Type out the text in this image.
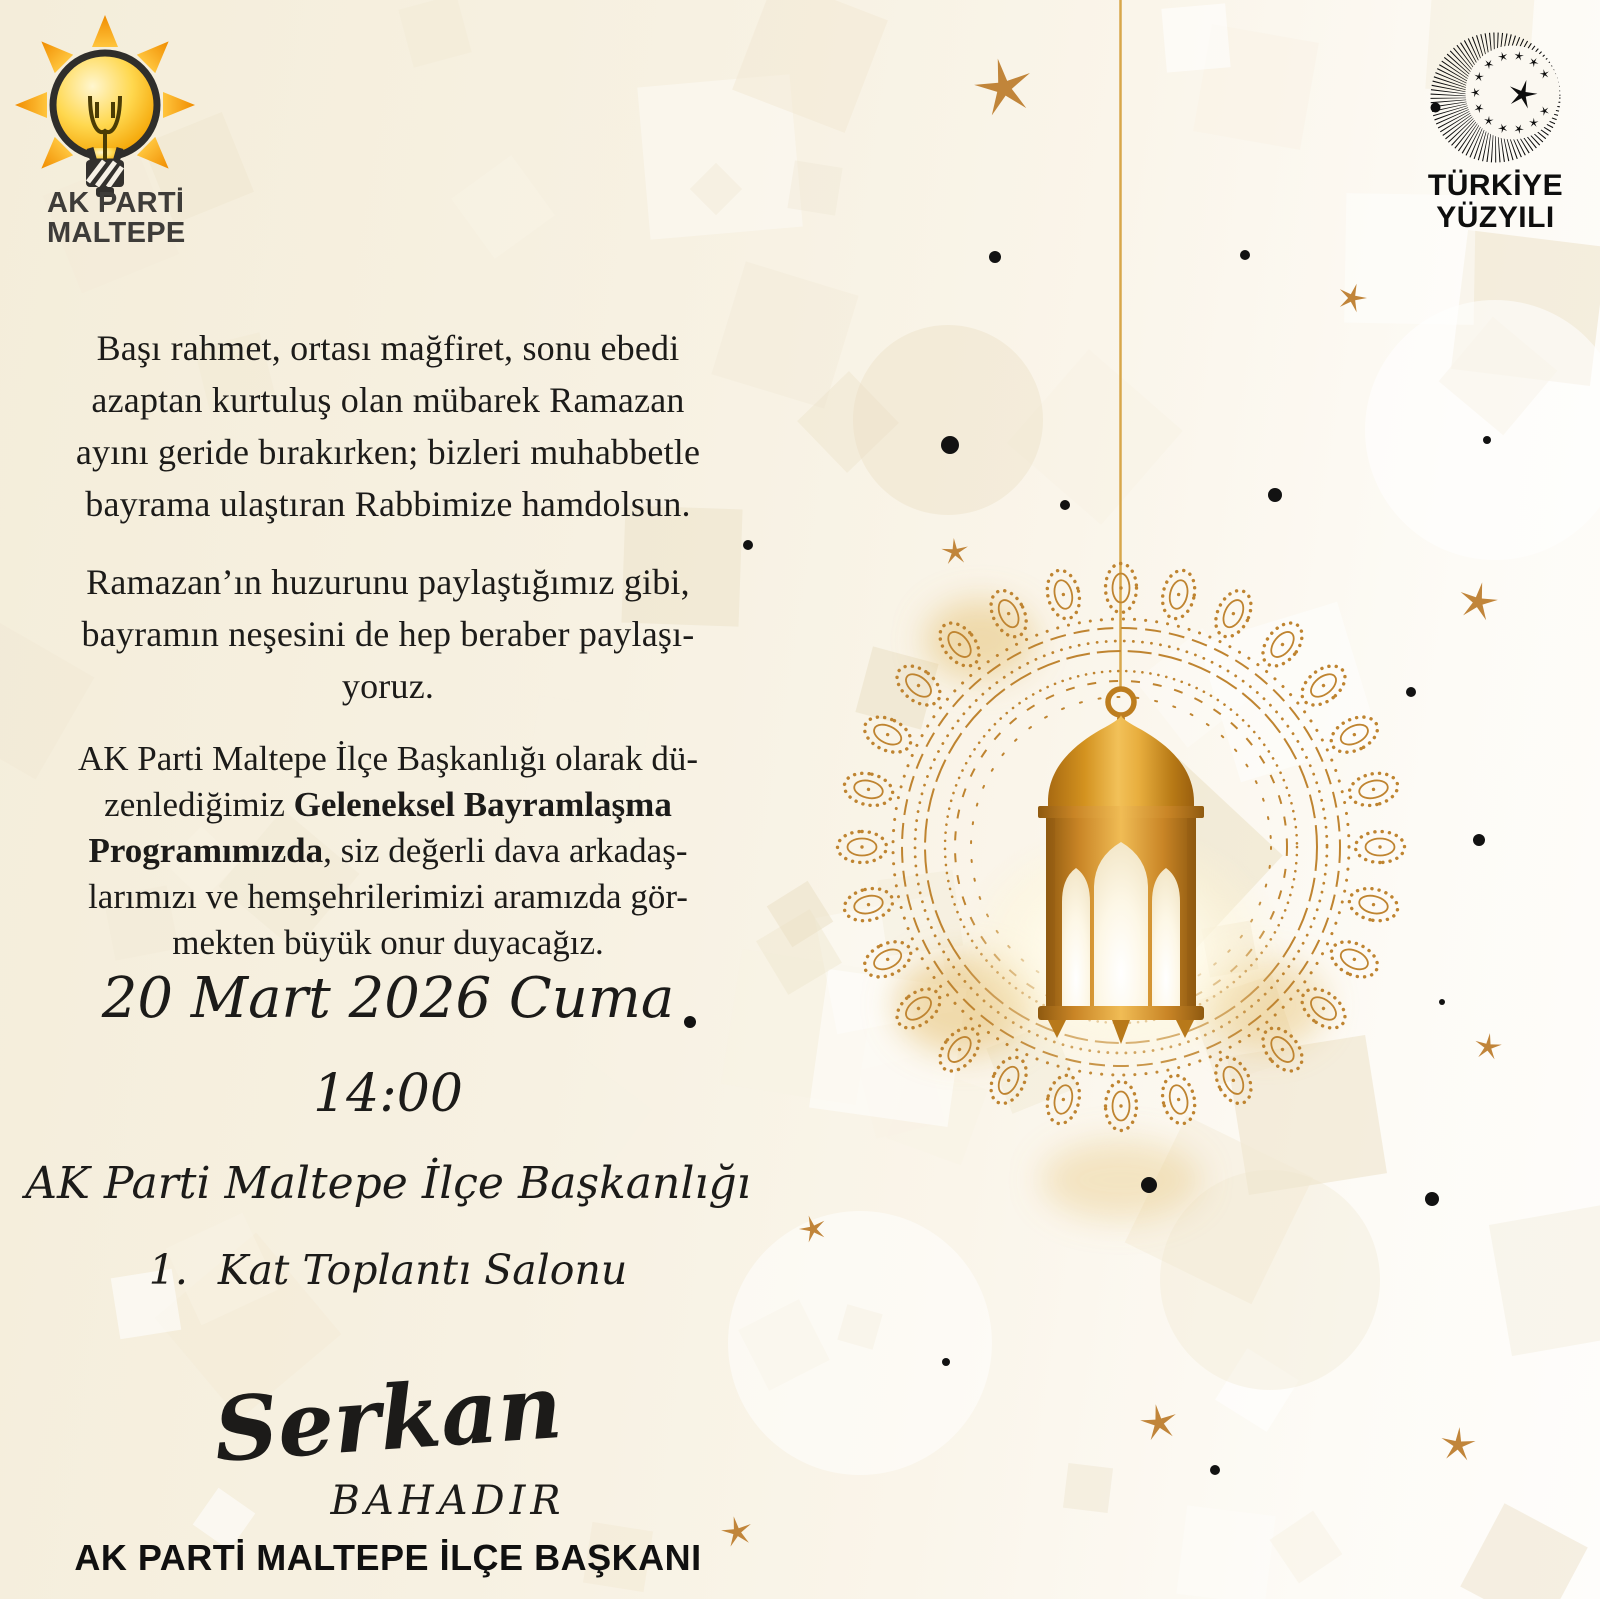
AK PARTİ
MALTEPE
TÜRKİYE
YÜZYILI
Başı rahmet, ortası mağfiret, sonu ebedi
azaptan kurtuluş olan mübarek Ramazan
ayını geride bırakırken; bizleri muhabbetle
bayrama ulaştıran Rabbimize hamdolsun.
Ramazan’ın huzurunu paylaştığımız gibi,
bayramın neşesini de hep beraber paylaşı-
yoruz.
AK Parti Maltepe İlçe Başkanlığı olarak dü-
zenlediğimiz Geleneksel Bayramlaşma
Programımızda, siz değerli dava arkadaş-
larımızı ve hemşehrilerimizi aramızda gör-
mekten büyük onur duyacağız.
20 Mart 2026 Cuma
14:00
AK Parti Maltepe İlçe Başkanlığı
1. Kat Toplantı Salonu
Serkan
BAHADIR
AK PARTİ MALTEPE İLÇE BAŞKANI
